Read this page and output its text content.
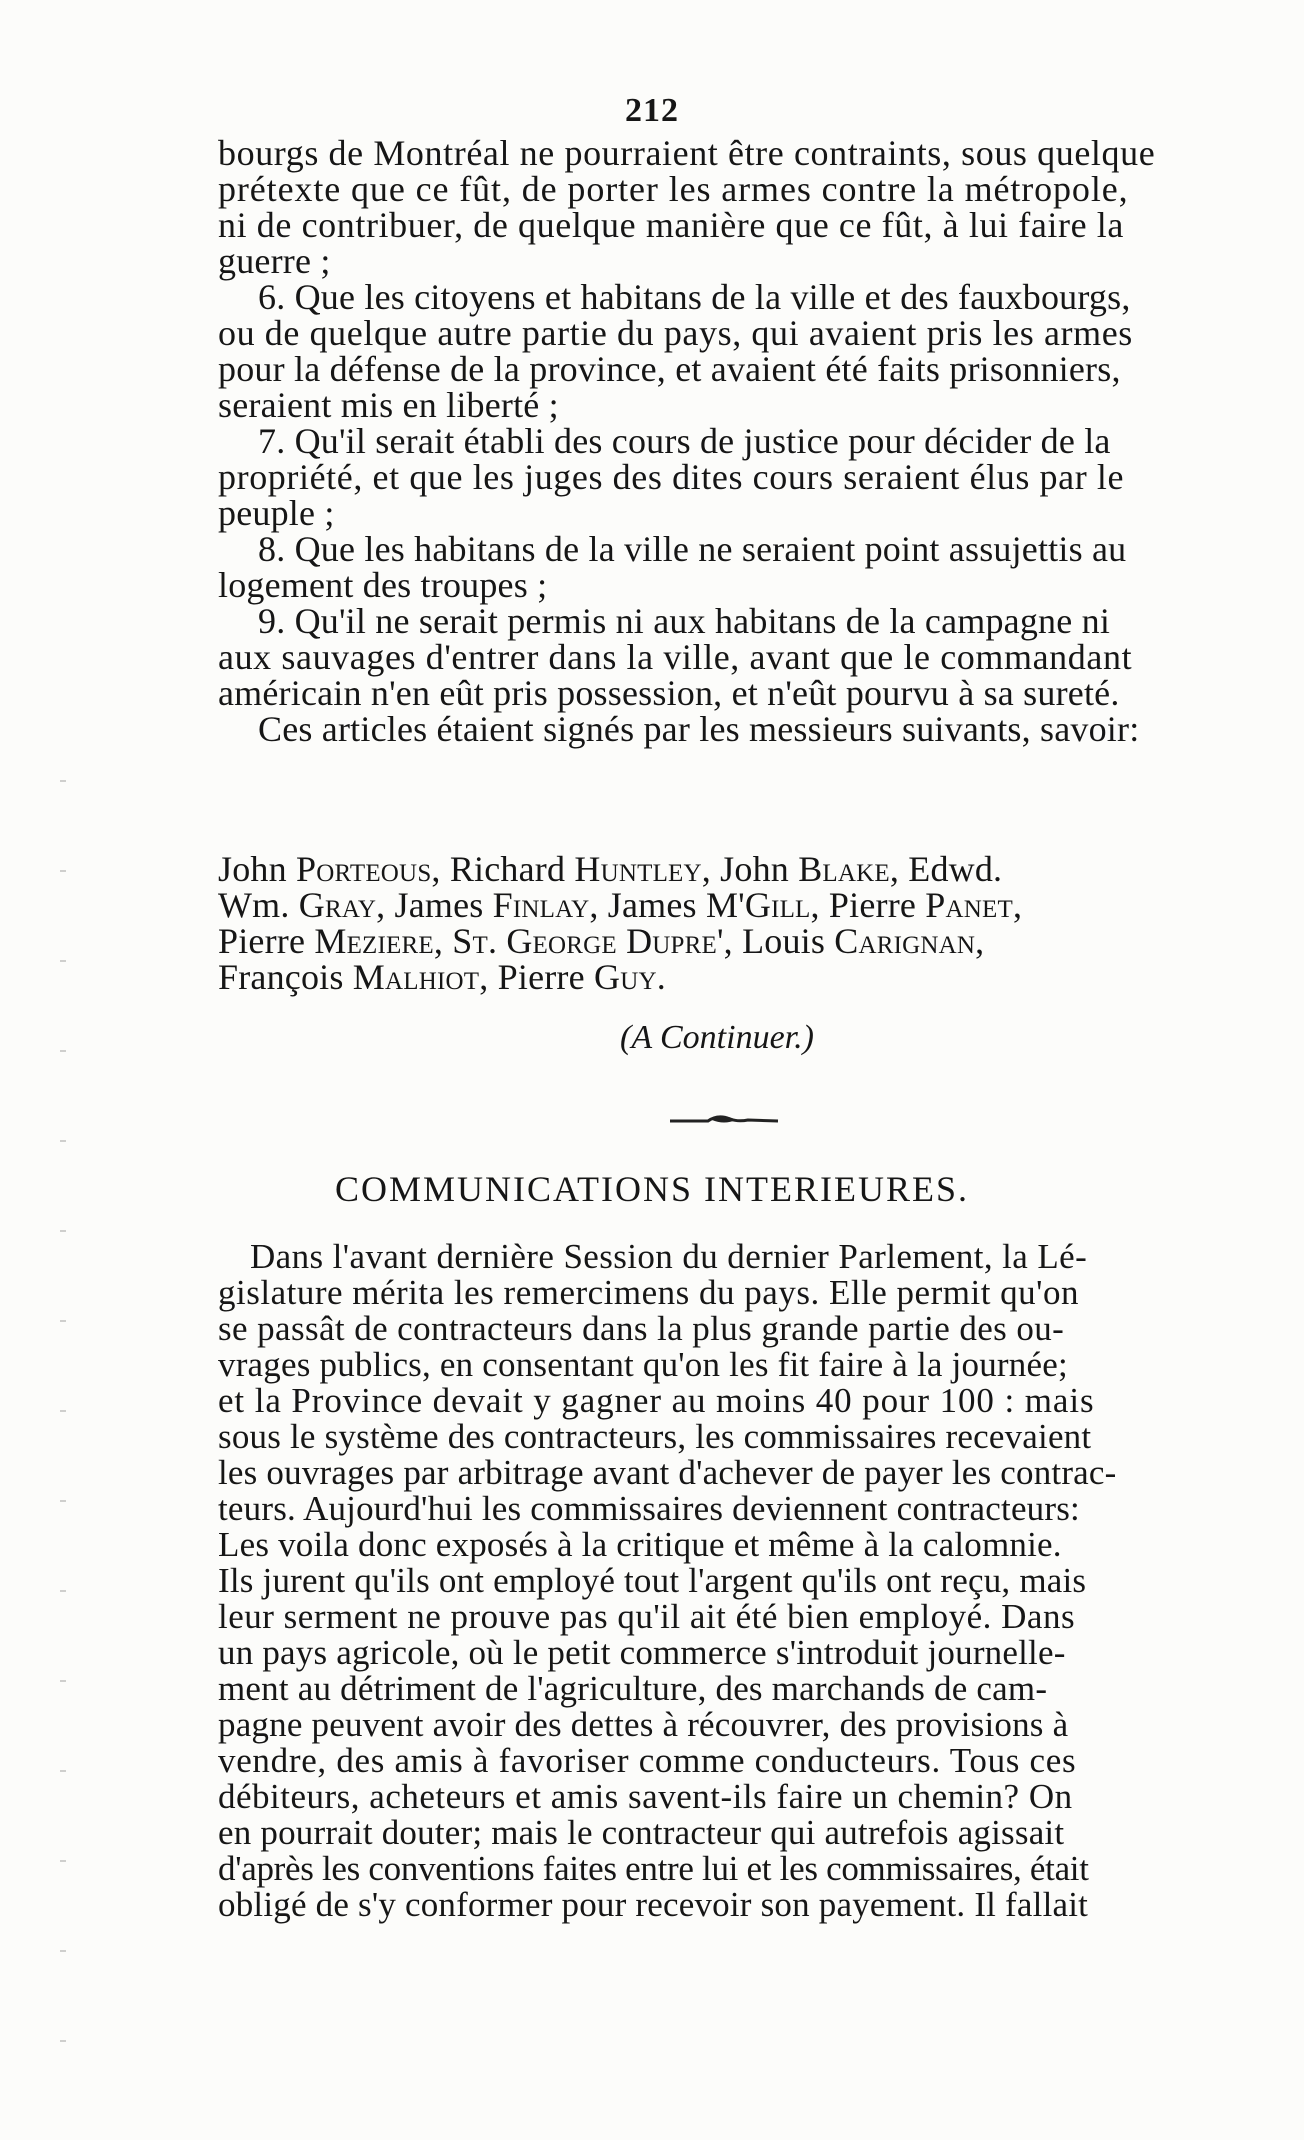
212

bourgs de Montréal ne pourraient être contraints, sous quelque
prétexte que ce fût, de porter les armes contre la métropole,
ni de contribuer, de quelque manière que ce fût, à lui faire la
guerre ;

6. Que les citoyens et habitans de la ville et des fauxbourgs,
ou de quelque autre partie du pays, qui avaient pris les armes
pour la défense de la province, et avaient été faits prisonniers,
seraient mis en liberté ;

7. Qu'il serait établi des cours de justice pour décider de la
propriété, et que les juges des dites cours seraient élus par le
peuple ;

8. Que les habitans de la ville ne seraient point assujettis au
logement des troupes ;

9. Qu'il ne serait permis ni aux habitans de la campagne ni
aux sauvages d'entrer dans la ville, avant que le commandant
américain n'en eût pris possession, et n'eût pourvu à sa sureté.

Ces articles étaient signés par les messieurs suivants, savoir:

John Porteous, Richard Huntley, John Blake, Edwd.
Wm. Gray, James Finlay, James M'Gill, Pierre Panet,
Pierre Meziere, St. George Dupre', Louis Carignan,
François Malhiot, Pierre Guy.
(A Continuer.)
COMMUNICATIONS INTERIEURES.

Dans l'avant dernière Session du dernier Parlement, la Lé-
gislature mérita les remercimens du pays. Elle permit qu'on
se passât de contracteurs dans la plus grande partie des ou-
vrages publics, en consentant qu'on les fit faire à la journée;
et la Province devait y gagner au moins 40 pour 100 : mais
sous le système des contracteurs, les commissaires recevaient
les ouvrages par arbitrage avant d'achever de payer les contrac-
teurs. Aujourd'hui les commissaires deviennent contracteurs:
Les voila donc exposés à la critique et même à la calomnie.
Ils jurent qu'ils ont employé tout l'argent qu'ils ont reçu, mais
leur serment ne prouve pas qu'il ait été bien employé. Dans
un pays agricole, où le petit commerce s'introduit journelle-
ment au détriment de l'agriculture, des marchands de cam-
pagne peuvent avoir des dettes à récouvrer, des provisions à
vendre, des amis à favoriser comme conducteurs. Tous ces
débiteurs, acheteurs et amis savent-ils faire un chemin? On
en pourrait douter; mais le contracteur qui autrefois agissait
d'après les conventions faites entre lui et les commissaires, était
obligé de s'y conformer pour recevoir son payement. Il fallait
